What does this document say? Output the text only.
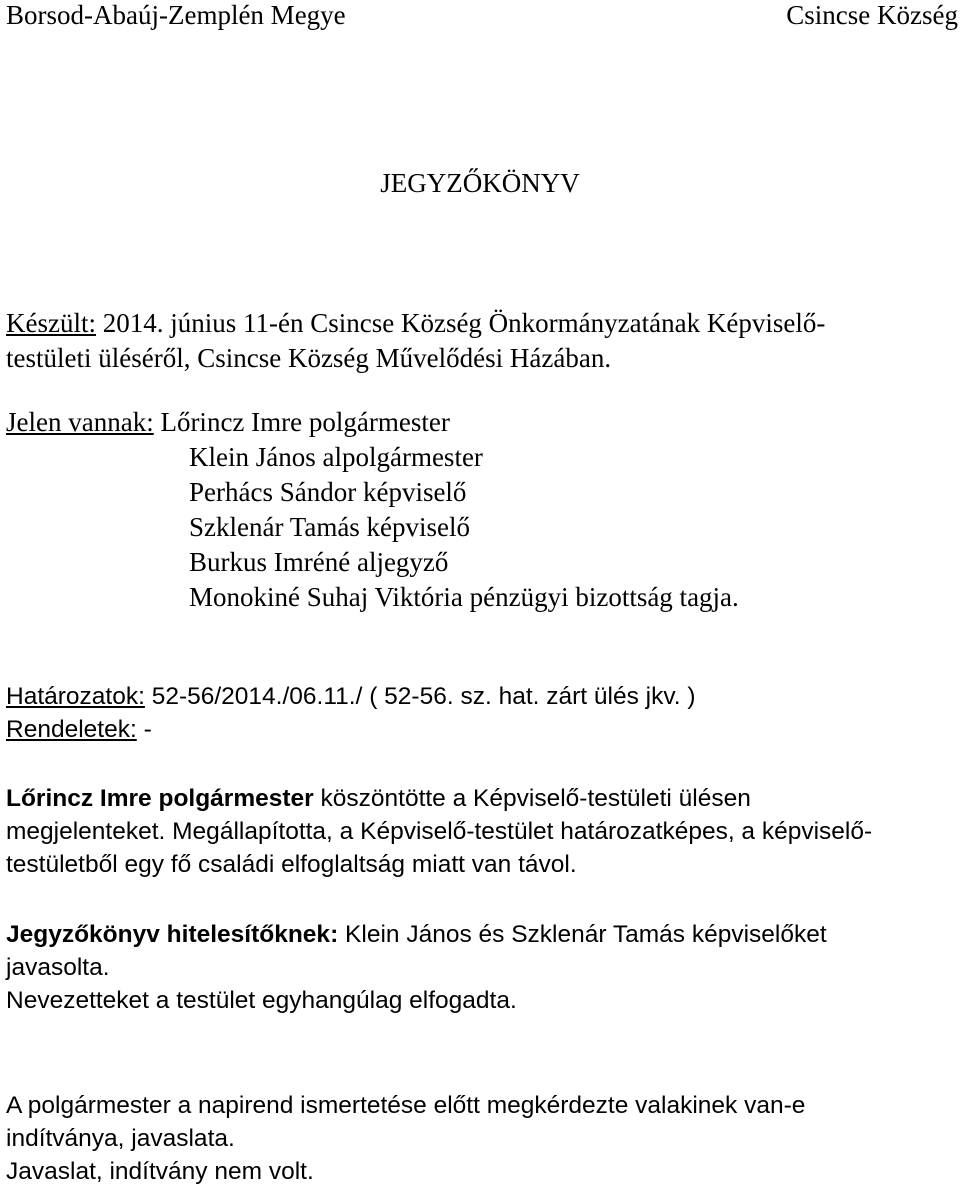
Borsod-Abaúj-Zemplén Megye	Csincse Község
JEGYZŐKÖNYV
Készült: 2014. június 11-én Csincse Község Önkormányzatának Képviselő-
testületi üléséről, Csincse Község Művelődési Házában.
Jelen vannak: Lőrincz Imre polgármester
Klein János alpolgármester
Perhács Sándor képviselő
Szklenár Tamás képviselő
Burkus Imréné aljegyző
Monokiné Suhaj Viktória pénzügyi bizottság tagja.
Határozatok: 52-56/2014./06.11./ ( 52-56. sz. hat. zárt ülés jkv. )
Rendeletek: -
Lőrincz Imre polgármester köszöntötte a Képviselő-testületi ülésen
megjelenteket. Megállapította, a Képviselő-testület határozatképes, a képviselő-
testületből egy fő családi elfoglaltság miatt van távol.
Jegyzőkönyv hitelesítőknek: Klein János és Szklenár Tamás képviselőket
javasolta.
Nevezetteket a testület egyhangúlag elfogadta.
A polgármester a napirend ismertetése előtt megkérdezte valakinek van-e
indítványa, javaslata.
Javaslat, indítvány nem volt.
